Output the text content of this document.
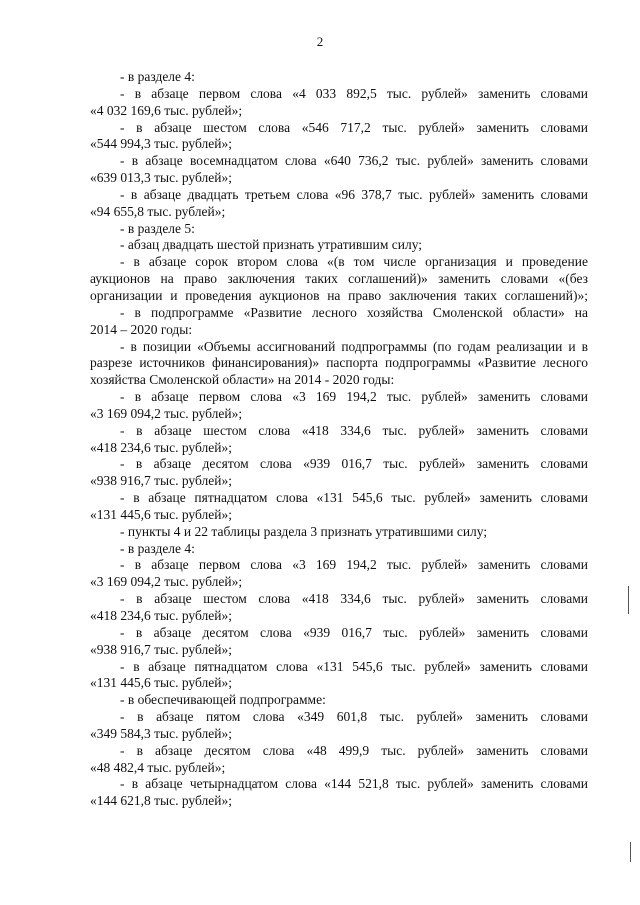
2
- в разделе 4:
- в абзаце первом слова «4 033 892,5 тыс. рублей» заменить словами
«4 032 169,6 тыс. рублей»;
- в абзаце шестом слова «546 717,2 тыс. рублей» заменить словами
«544 994,3 тыс. рублей»;
- в абзаце восемнадцатом слова «640 736,2 тыс. рублей» заменить словами
«639 013,3 тыс. рублей»;
- в абзаце двадцать третьем слова «96 378,7 тыс. рублей» заменить словами
«94 655,8 тыс. рублей»;
- в разделе 5:
- абзац двадцать шестой признать утратившим силу;
- в абзаце сорок втором слова «(в том числе организация и проведение
аукционов на право заключения таких соглашений)» заменить словами «(без
организации и проведения аукционов на право заключения таких соглашений)»;
- в подпрограмме «Развитие лесного хозяйства Смоленской области» на
2014 – 2020 годы:
- в позиции «Объемы ассигнований подпрограммы (по годам реализации и в
разрезе источников финансирования)» паспорта подпрограммы «Развитие лесного
хозяйства Смоленской области» на 2014 - 2020 годы:
- в абзаце первом слова «3 169 194,2 тыс. рублей» заменить словами
«3 169 094,2 тыс. рублей»;
- в абзаце шестом слова «418 334,6 тыс. рублей» заменить словами
«418 234,6 тыс. рублей»;
- в абзаце десятом слова «939 016,7 тыс. рублей» заменить словами
«938 916,7 тыс. рублей»;
- в абзаце пятнадцатом слова «131 545,6 тыс. рублей» заменить словами
«131 445,6 тыс. рублей»;
- пункты 4 и 22 таблицы раздела 3 признать утратившими силу;
- в разделе 4:
- в абзаце первом слова «3 169 194,2 тыс. рублей» заменить словами
«3 169 094,2 тыс. рублей»;
- в абзаце шестом слова «418 334,6 тыс. рублей» заменить словами
«418 234,6 тыс. рублей»;
- в абзаце десятом слова «939 016,7 тыс. рублей» заменить словами
«938 916,7 тыс. рублей»;
- в абзаце пятнадцатом слова «131 545,6 тыс. рублей» заменить словами
«131 445,6 тыс. рублей»;
- в обеспечивающей подпрограмме:
- в абзаце пятом слова «349 601,8 тыс. рублей» заменить словами
«349 584,3 тыс. рублей»;
- в абзаце десятом слова «48 499,9 тыс. рублей» заменить словами
«48 482,4 тыс. рублей»;
- в абзаце четырнадцатом слова «144 521,8 тыс. рублей» заменить словами
«144 621,8 тыс. рублей»;
